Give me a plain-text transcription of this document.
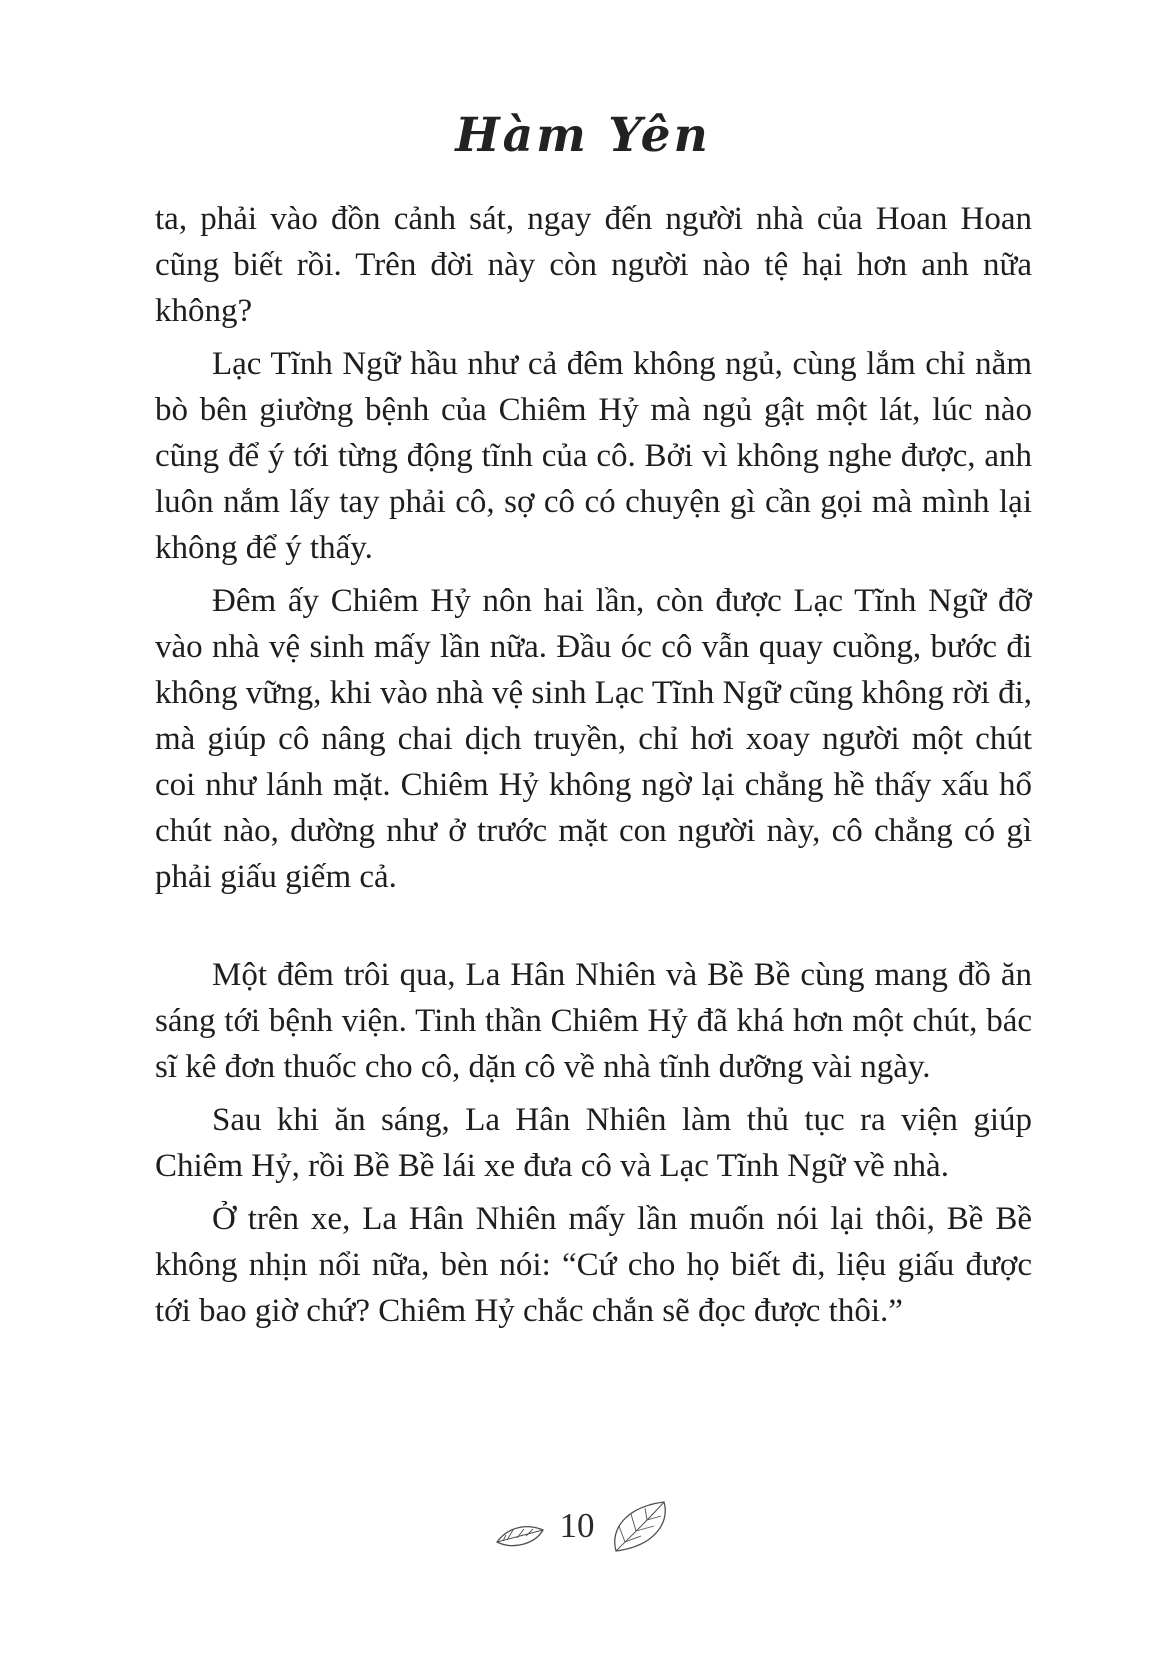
Hàm Yên

ta, phải vào đồn cảnh sát, ngay đến người nhà của Hoan Hoan cũng biết rồi. Trên đời này còn người nào tệ hại hơn anh nữa không?

Lạc Tĩnh Ngữ hầu như cả đêm không ngủ, cùng lắm chỉ nằm bò bên giường bệnh của Chiêm Hỷ mà ngủ gật một lát, lúc nào cũng để ý tới từng động tĩnh của cô. Bởi vì không nghe được, anh luôn nắm lấy tay phải cô, sợ cô có chuyện gì cần gọi mà mình lại không để ý thấy.

Đêm ấy Chiêm Hỷ nôn hai lần, còn được Lạc Tĩnh Ngữ đỡ vào nhà vệ sinh mấy lần nữa. Đầu óc cô vẫn quay cuồng, bước đi không vững, khi vào nhà vệ sinh Lạc Tĩnh Ngữ cũng không rời đi, mà giúp cô nâng chai dịch truyền, chỉ hơi xoay người một chút coi như lánh mặt. Chiêm Hỷ không ngờ lại chẳng hề thấy xấu hổ chút nào, dường như ở trước mặt con người này, cô chẳng có gì phải giấu giếm cả.

Một đêm trôi qua, La Hân Nhiên và Bề Bề cùng mang đồ ăn sáng tới bệnh viện. Tinh thần Chiêm Hỷ đã khá hơn một chút, bác sĩ kê đơn thuốc cho cô, dặn cô về nhà tĩnh dưỡng vài ngày.

Sau khi ăn sáng, La Hân Nhiên làm thủ tục ra viện giúp Chiêm Hỷ, rồi Bề Bề lái xe đưa cô và Lạc Tĩnh Ngữ về nhà.

Ở trên xe, La Hân Nhiên mấy lần muốn nói lại thôi, Bề Bề không nhịn nổi nữa, bèn nói: “Cứ cho họ biết đi, liệu giấu được tới bao giờ chứ? Chiêm Hỷ chắc chắn sẽ đọc được thôi.”

10
